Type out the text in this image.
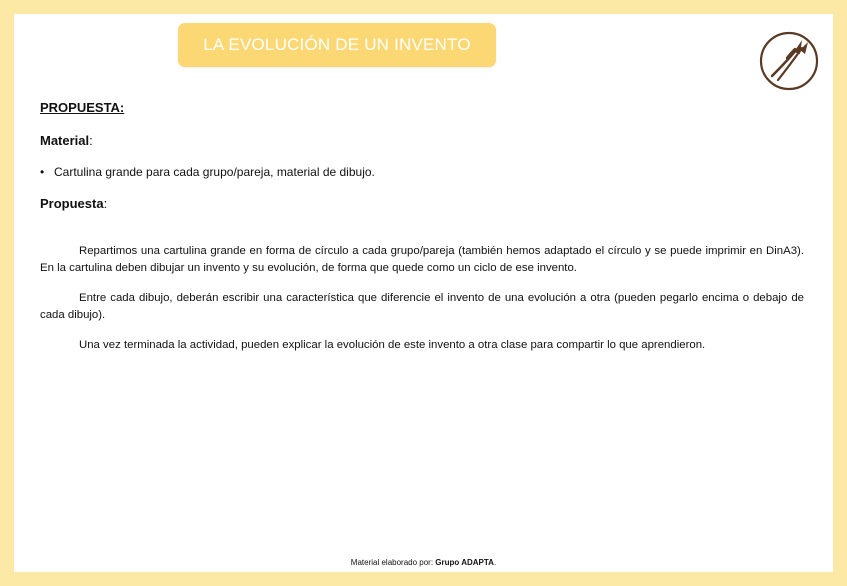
LA EVOLUCIÓN DE UN INVENTO
PROPUESTA:
Material:
• Cartulina grande para cada grupo/pareja, material de dibujo.
Propuesta:

Repartimos una cartulina grande en forma de círculo a cada grupo/pareja (también hemos adaptado el círculo y se puede imprimir en DinA3). En la cartulina deben dibujar un invento y su evolución, de forma que quede como un ciclo de ese invento.

Entre cada dibujo, deberán escribir una característica que diferencie el invento de una evolución a otra (pueden pegarlo encima o debajo de cada dibujo).

Una vez terminada la actividad, pueden explicar la evolución de este invento a otra clase para compartir lo que aprendieron.

Material elaborado por: Grupo ADAPTA.
